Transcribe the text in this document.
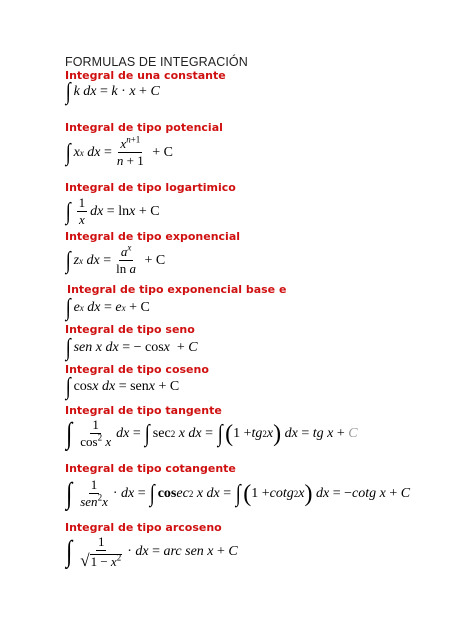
FORMULAS DE INTEGRACIÓN
Integral de una constante
∫ k dx = k · x + C
Integral de tipo potencial
∫ x x
dx = $\frac{x^{n+1}}{n + 1} + C$
Integral de tipo logartimico
∫ $\frac{1}{x}$ dx = ln x + C
Integral de tipo exponencial
∫ z x
dx = $\frac{a^x}{\text{ln a}} + C$
Integral de tipo exponencial base e
∫ e x
dx = e x + C
Integral de tipo seno
∫ sen x
dx = − cos x + C
Integral de tipo coseno
∫ cos x
dx = sen x + C
Integral de tipo tangente
∫ $\frac{1}{\cos^2 x}$ dx = ∫ sec 2
x
dx = ∫ ( 1 + tg 2 x )
dx = tg x + C
Integral de tipo cotangente
∫ $\frac{1}{sen^2x}$ · dx = ∫ cos ec 2
x
dx = ∫ ( 1 + cotg 2 x )
dx = − cotg x + C
Integral de tipo arcoseno
∫ $\frac{1}{√ 1 - x^2}$ · dx = arc sen x + C
